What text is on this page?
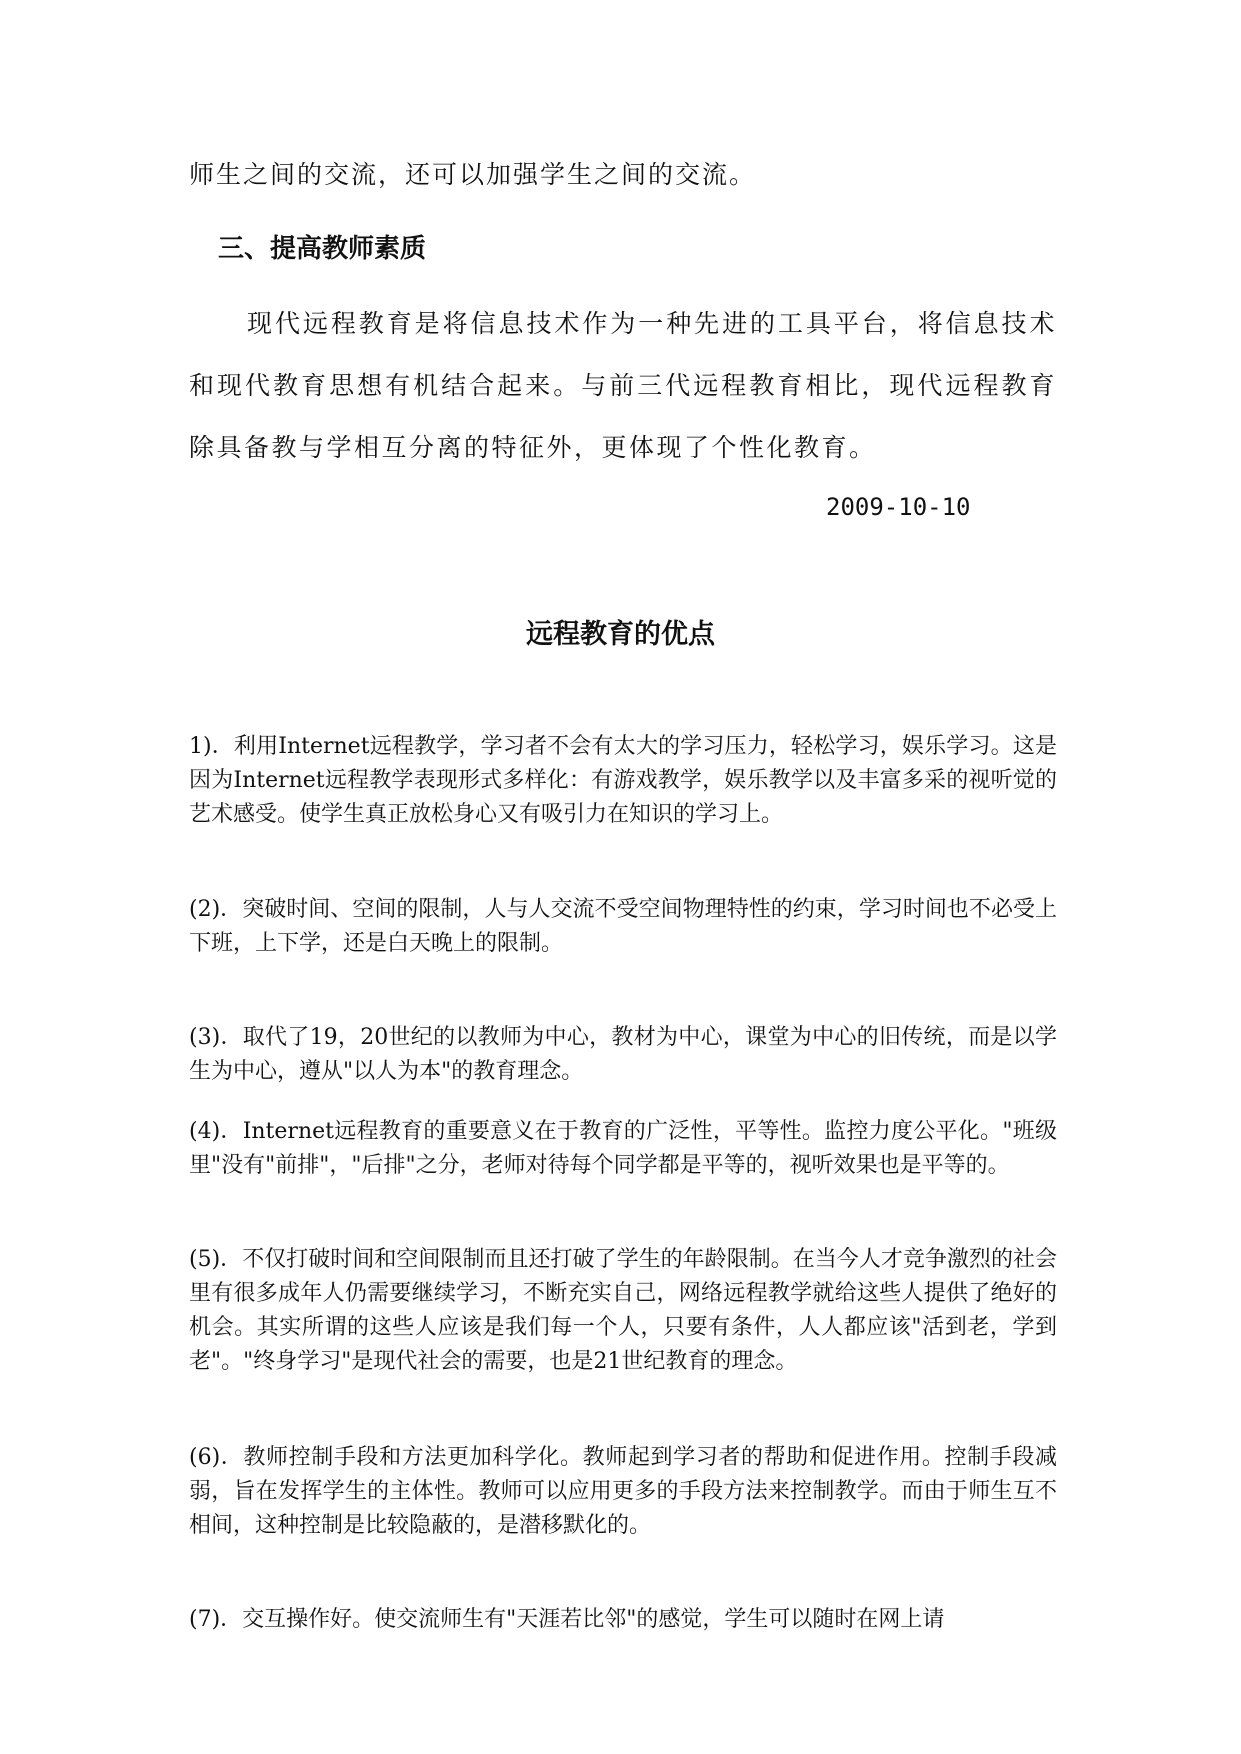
师生之间的交流，还可以加强学生之间的交流。

三、提高教师素质

现代远程教育是将信息技术作为一种先进的工具平台，将信息技术和现代教育思想有机结合起来。与前三代远程教育相比，现代远程教育除具备教与学相互分离的特征外，更体现了个性化教育。

2009-10-10
远程教育的优点

1)．利用Internet远程教学，学习者不会有太大的学习压力，轻松学习，娱乐学习。这是因为Internet远程教学表现形式多样化：有游戏教学，娱乐教学以及丰富多采的视听觉的艺术感受。使学生真正放松身心又有吸引力在知识的学习上。

(2)．突破时间、空间的限制，人与人交流不受空间物理特性的约束，学习时间也不必受上下班，上下学，还是白天晚上的限制。

(3)．取代了19，20世纪的以教师为中心，教材为中心，课堂为中心的旧传统，而是以学生为中心，遵从"以人为本"的教育理念。

(4)．Internet远程教育的重要意义在于教育的广泛性，平等性。监控力度公平化。"班级里"没有"前排"，"后排"之分，老师对待每个同学都是平等的，视听效果也是平等的。

(5)．不仅打破时间和空间限制而且还打破了学生的年龄限制。在当今人才竞争激烈的社会里有很多成年人仍需要继续学习，不断充实自己，网络远程教学就给这些人提供了绝好的机会。其实所谓的这些人应该是我们每一个人，只要有条件，人人都应该"活到老，学到老"。"终身学习"是现代社会的需要，也是21世纪教育的理念。

(6)．教师控制手段和方法更加科学化。教师起到学习者的帮助和促进作用。控制手段减弱，旨在发挥学生的主体性。教师可以应用更多的手段方法来控制教学。而由于师生互不相间，这种控制是比较隐蔽的，是潜移默化的。

(7)．交互操作好。使交流师生有"天涯若比邻"的感觉，学生可以随时在网上请
